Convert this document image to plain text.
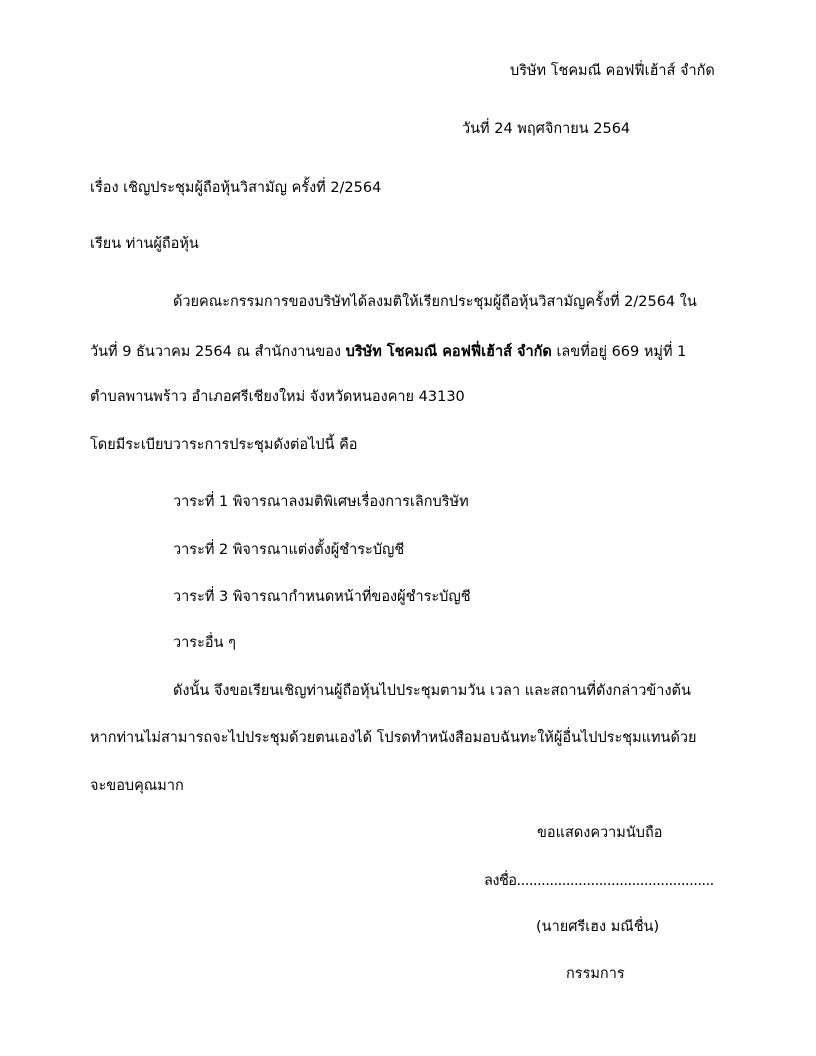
บริษัท โชคมณี คอฟฟี่เฮ้าส์ จำกัด
วันที่ 24 พฤศจิกายน 2564
เรื่อง เชิญประชุมผู้ถือหุ้นวิสามัญ ครั้งที่ 2/2564
เรียน ท่านผู้ถือหุ้น
ด้วยคณะกรรมการของบริษัทได้ลงมติให้เรียกประชุมผู้ถือหุ้นวิสามัญครั้งที่ 2/2564 ใน
วันที่ 9 ธันวาคม 2564 ณ สำนักงานของ บริษัท โชคมณี คอฟฟี่เฮ้าส์ จำกัด เลขที่อยู่ 669 หมู่ที่ 1
ตำบลพานพร้าว อำเภอศรีเชียงใหม่ จังหวัดหนองคาย 43130
โดยมีระเบียบวาระการประชุมดังต่อไปนี้ คือ
วาระที่ 1 พิจารณาลงมติพิเศษเรื่องการเลิกบริษัท
วาระที่ 2 พิจารณาแต่งตั้งผู้ชำระบัญชี
วาระที่ 3 พิจารณากำหนดหน้าที่ของผู้ชำระบัญชี
วาระอื่น ๆ
ดังนั้น จึงขอเรียนเชิญท่านผู้ถือหุ้นไปประชุมตามวัน เวลา และสถานที่ดังกล่าวข้างต้น
หากท่านไม่สามารถจะไปประชุมด้วยตนเองได้ โปรดทำหนังสือมอบฉันทะให้ผู้อื่นไปประชุมแทนด้วย
จะขอบคุณมาก
ขอแสดงความนับถือ
ลงชื่อ................................................
(นายศรีเฮง มณีชื่น)
กรรมการ
